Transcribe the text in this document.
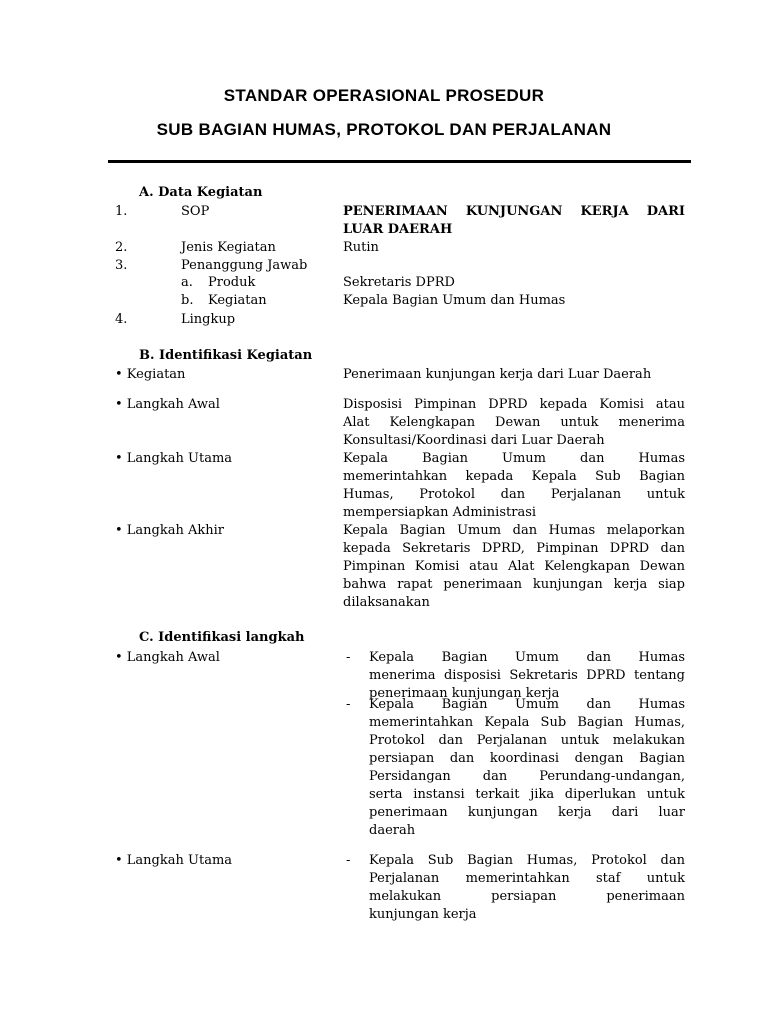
STANDAR OPERASIONAL PROSEDUR
SUB BAGIAN HUMAS, PROTOKOL DAN PERJALANAN
A. Data Kegiatan
1.	SOP	PENERIMAAN KUNJUNGAN KERJA DARI
LUAR DAERAH
2.	Jenis Kegiatan	Rutin
3.	Penanggung Jawab
a. Produk	Sekretaris DPRD
b. Kegiatan	Kepala Bagian Umum dan Humas
4.	Lingkup
B. Identifikasi Kegiatan
• Kegiatan	Penerimaan kunjungan kerja dari Luar Daerah
• Langkah Awal	Disposisi Pimpinan DPRD kepada Komisi atau
Alat Kelengkapan Dewan untuk menerima
Konsultasi/Koordinasi dari Luar Daerah
• Langkah Utama	Kepala Bagian Umum dan Humas
memerintahkan kepada Kepala Sub Bagian
Humas, Protokol dan Perjalanan untuk
mempersiapkan Administrasi
• Langkah Akhir	Kepala Bagian Umum dan Humas melaporkan
kepada Sekretaris DPRD, Pimpinan DPRD dan
Pimpinan Komisi atau Alat Kelengkapan Dewan
bahwa rapat penerimaan kunjungan kerja siap
dilaksanakan
C. Identifikasi langkah
• Langkah Awal	- Kepala Bagian Umum dan Humas
menerima disposisi Sekretaris DPRD tentang
penerimaan kunjungan kerja
- Kepala Bagian Umum dan Humas
memerintahkan Kepala Sub Bagian Humas,
Protokol dan Perjalanan untuk melakukan
persiapan dan koordinasi dengan Bagian
Persidangan dan Perundang-undangan,
serta instansi terkait jika diperlukan untuk
penerimaan kunjungan kerja dari luar
daerah
• Langkah Utama	- Kepala Sub Bagian Humas, Protokol dan
Perjalanan memerintahkan staf untuk
melakukan persiapan penerimaan
kunjungan kerja
